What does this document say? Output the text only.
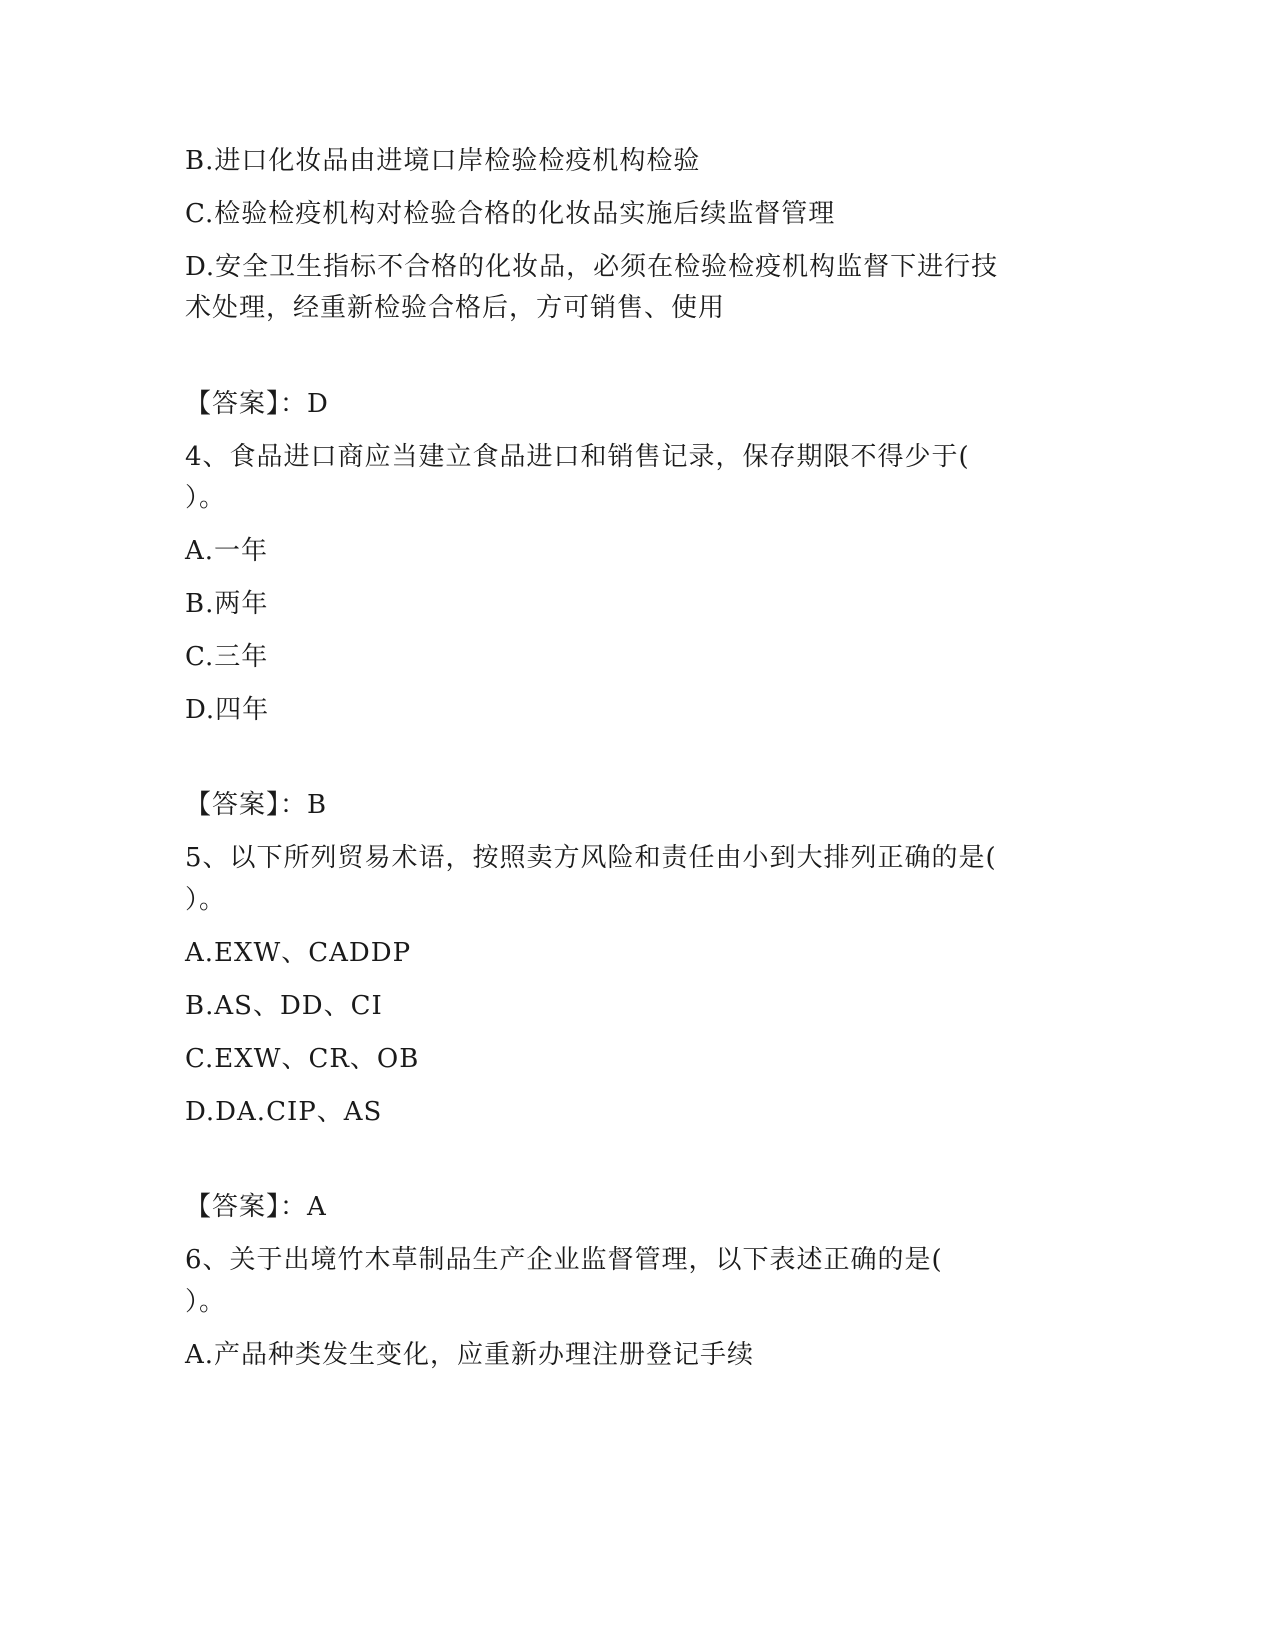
B.进口化妆品由进境口岸检验检疫机构检验
C.检验检疫机构对检验合格的化妆品实施后续监督管理
D.安全卫生指标不合格的化妆品，必须在检验检疫机构监督下进行技
术处理，经重新检验合格后，方可销售、使用
【答案】：D
4、食品进口商应当建立食品进口和销售记录，保存期限不得少于(
）。
A.一年
B.两年
C.三年
D.四年
【答案】：B
5、以下所列贸易术语，按照卖方风险和责任由小到大排列正确的是(
）。
A.EXW、CADDP
B.AS、DD、CI
C.EXW、CR、OB
D.DA.CIP、AS
【答案】：A
6、关于出境竹木草制品生产企业监督管理，以下表述正确的是(
）。
A.产品种类发生变化，应重新办理注册登记手续
